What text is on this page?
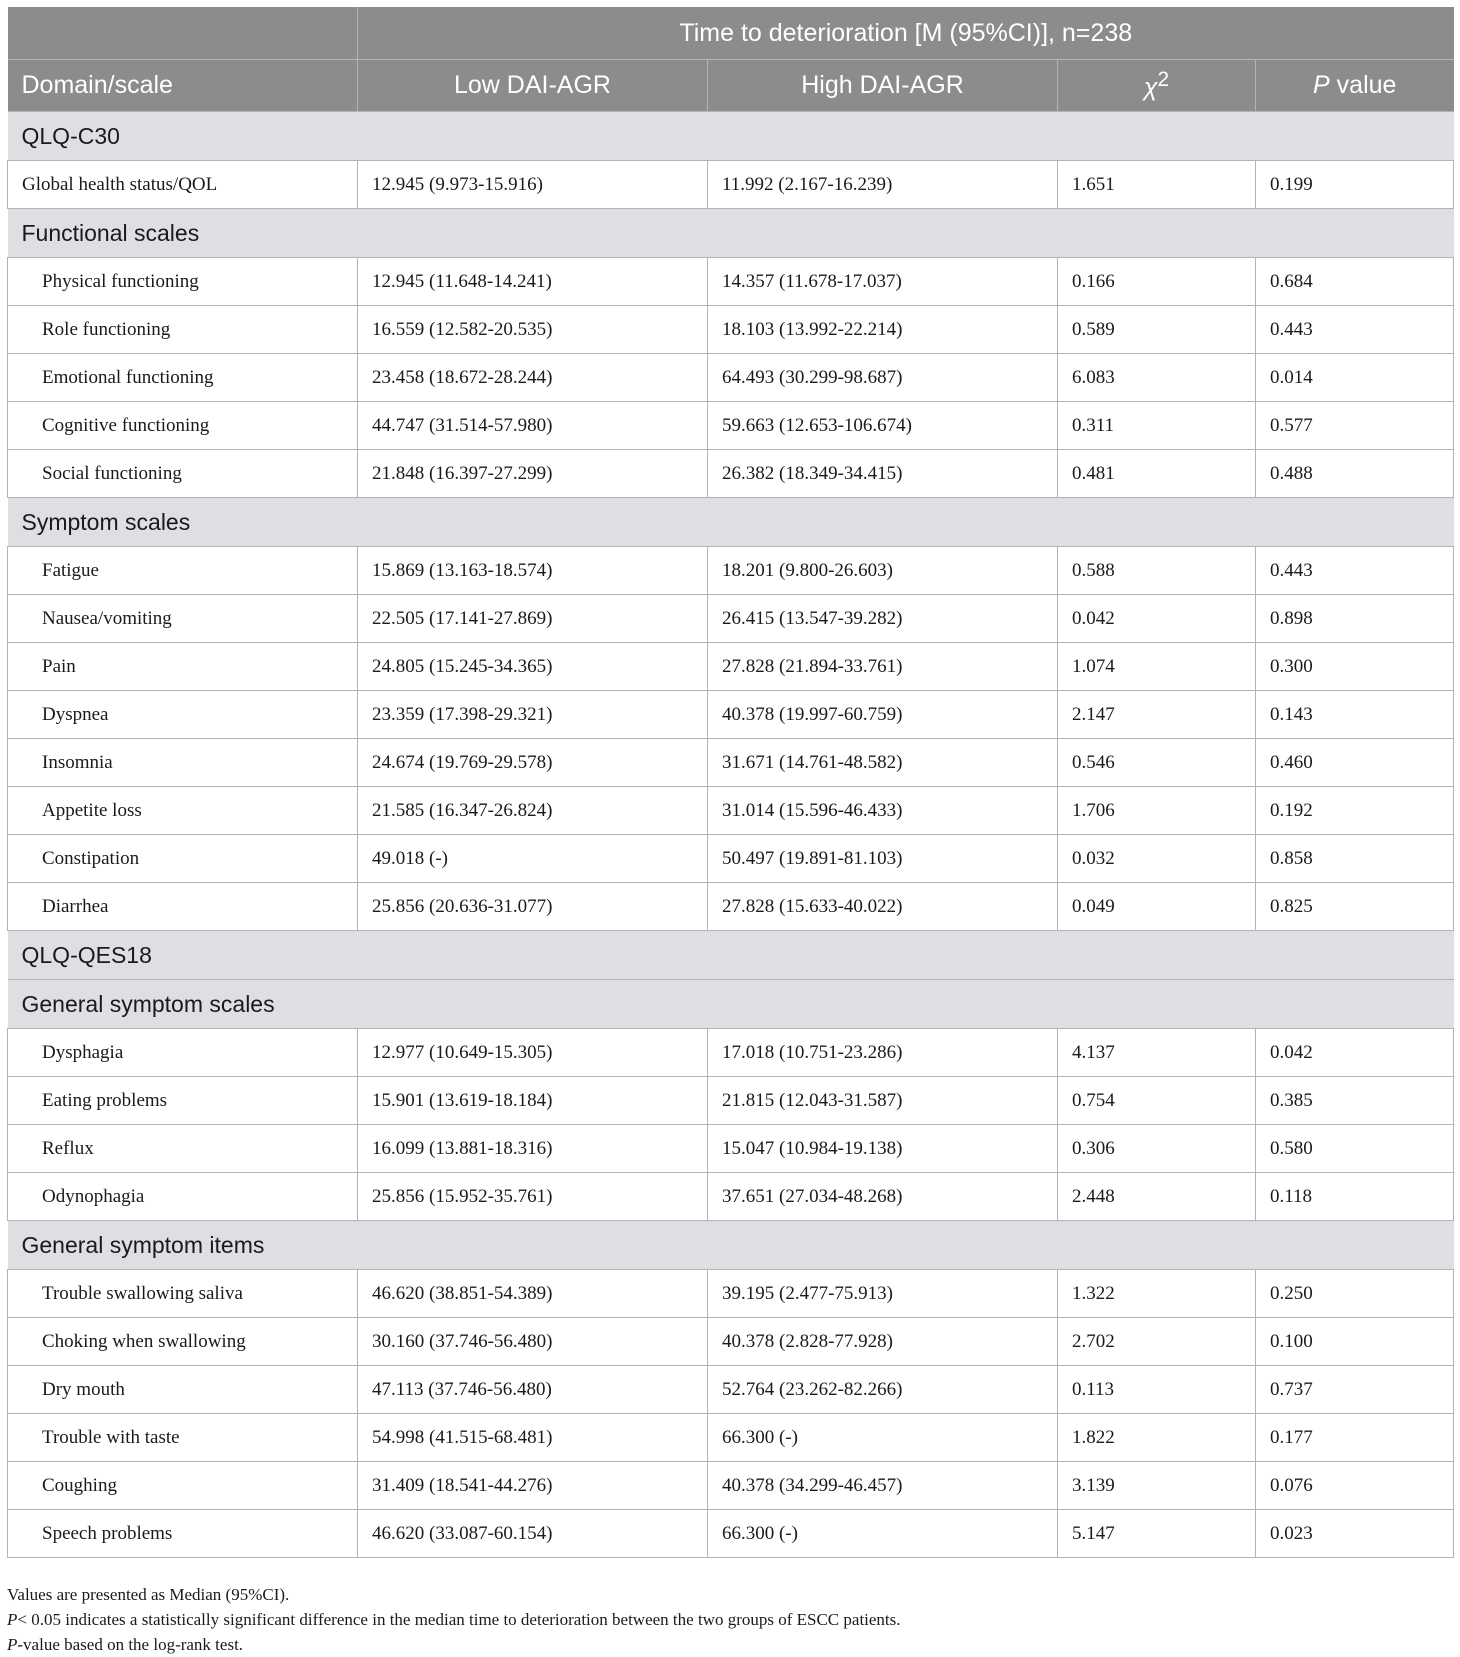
	Time to deterioration [M (95%CI)], n=238			
Domain/scale	Low DAI-AGR	High DAI-AGR	$\chi^2$	P value
QLQ-C30				
Global health status/QOL	12.945 (9.973-15.916)	11.992 (2.167-16.239)	1.651	0.199
Functional scales				
Physical functioning	12.945 (11.648-14.241)	14.357 (11.678-17.037)	0.166	0.684
Role functioning	16.559 (12.582-20.535)	18.103 (13.992-22.214)	0.589	0.443
Emotional functioning	23.458 (18.672-28.244)	64.493 (30.299-98.687)	6.083	0.014
Cognitive functioning	44.747 (31.514-57.980)	59.663 (12.653-106.674)	0.311	0.577
Social functioning	21.848 (16.397-27.299)	26.382 (18.349-34.415)	0.481	0.488
Symptom scales				
Fatigue	15.869 (13.163-18.574)	18.201 (9.800-26.603)	0.588	0.443
Nausea/vomiting	22.505 (17.141-27.869)	26.415 (13.547-39.282)	0.042	0.898
Pain	24.805 (15.245-34.365)	27.828 (21.894-33.761)	1.074	0.300
Dyspnea	23.359 (17.398-29.321)	40.378 (19.997-60.759)	2.147	0.143
Insomnia	24.674 (19.769-29.578)	31.671 (14.761-48.582)	0.546	0.460
Appetite loss	21.585 (16.347-26.824)	31.014 (15.596-46.433)	1.706	0.192
Constipation	49.018 (-)	50.497 (19.891-81.103)	0.032	0.858
Diarrhea	25.856 (20.636-31.077)	27.828 (15.633-40.022)	0.049	0.825
QLQ-QES18				
General symptom scales				
Dysphagia	12.977 (10.649-15.305)	17.018 (10.751-23.286)	4.137	0.042
Eating problems	15.901 (13.619-18.184)	21.815 (12.043-31.587)	0.754	0.385
Reflux	16.099 (13.881-18.316)	15.047 (10.984-19.138)	0.306	0.580
Odynophagia	25.856 (15.952-35.761)	37.651 (27.034-48.268)	2.448	0.118
General symptom items				
Trouble swallowing saliva	46.620 (38.851-54.389)	39.195 (2.477-75.913)	1.322	0.250
Choking when swallowing	30.160 (37.746-56.480)	40.378 (2.828-77.928)	2.702	0.100
Dry mouth	47.113 (37.746-56.480)	52.764 (23.262-82.266)	0.113	0.737
Trouble with taste	54.998 (41.515-68.481)	66.300 (-)	1.822	0.177
Coughing	31.409 (18.541-44.276)	40.378 (34.299-46.457)	3.139	0.076
Speech problems	46.620 (33.087-60.154)	66.300 (-)	5.147	0.023
Values are presented as Median (95%CI).
P< 0.05 indicates a statistically significant difference in the median time to deterioration between the two groups of ESCC patients.
P-value based on the log-rank test.
